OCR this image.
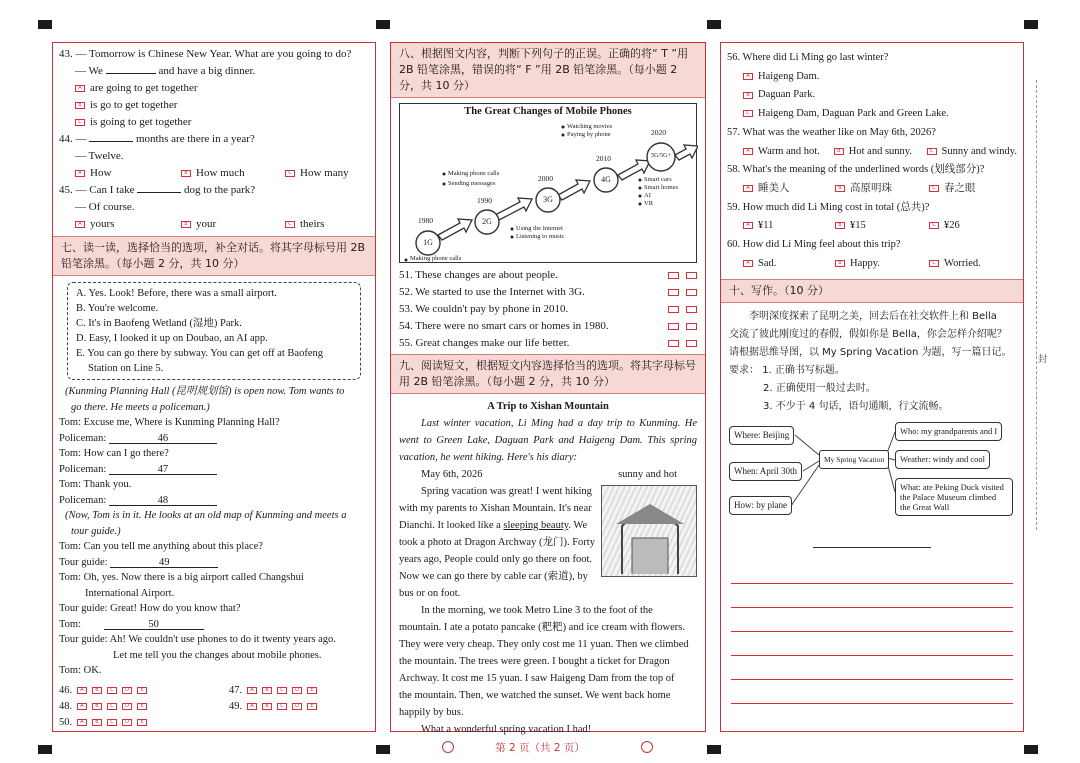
43. — Tomorrow is Chinese New Year. What are you going to do?
— We	and have a big dinner.
A are going to get together
B is go to get together
C is going to get together
44. —	months are there in a year?
— Twelve.
A How	B How much	C How many
45. — Can I take	dog to the park?
— Of course.
A yours	B your	C theirs
七、读一读，选择恰当的选项，补全对话。将其字母标号用 2B 铅笔涂黑。（每小题 2 分，共 10 分）
A. Yes. Look! Before, there was a small airport.
B. You're welcome.
C. It's in Baofeng Wetland (湿地) Park.
D. Easy, I looked it up on Doubao, an AI app.
E. You can go there by subway. You can get off at Baofeng
Station on Line 5.
(Kunming Planning Hall (昆明规划馆) is open now. Tom wants to
go there. He meets a policeman.)
Tom: Excuse me, Where is Kunming Planning Hall?
Policeman:	46
Tom: How can I go there?
Policeman:	47
Tom: Thank you.
Policeman:	48
(Now, Tom is in it. He looks at an old map of Kunming and meets a
tour guide.)
Tom: Can you tell me anything about this place?
Tour guide:	49
Tom: Oh, yes. Now there is a big airport called Changshui
International Airport.
Tour guide: Great! How do you know that?
Tom:	50
Tour guide: Ah! We couldn't use phones to do it twenty years ago.
Let me tell you the changes about mobile phones.
Tom: OK.
46. A B C D E	47. A B C D E
48. A B C D E	49. A B C D E
50. A B C D E
八、根据图文内容，判断下列句子的正误。正确的将“ T ”用 2B 铅笔涂黑，错误的将“ F ”用 2B 铅笔涂黑。（每小题 2 分，共 10 分）
The Great Changes of Mobile Phones
1980
1990
2000
2010
2020
1G
2G
3G
4G
5G/5G+
Making phone calls
Making phone calls
Sending messages
Using the Internet
Listening to music
Watching movies
Paying by phone
Smart cars
Smart homes
AI
VR
51. These changes are about people.
52. We started to use the Internet with 3G.
53. We couldn't pay by phone in 2010.
54. There were no smart cars or homes in 1980.
55. Great changes make our life better.
九、阅读短文，根据短文内容选择恰当的选项。将其字母标号用 2B 铅笔涂黑。（每小题 2 分，共 10 分）
A Trip to Xishan Mountain
Last winter vacation, Li Ming had a day trip to Kunming. He went to Green Lake, Daguan Park and Haigeng Dam. This spring vacation, he went hiking. Here's his diary:
May 6th, 2026	sunny and hot
Spring vacation was great! I went hiking
with my parents to Xishan Mountain. It's near
Dianchi. It looked like a sleeping beauty. We
took a photo at Dragon Archway (龙门). Forty
years ago, People could only go there on foot.
Now we can go there by cable car (索道), by
bus or on foot.
In the morning, we took Metro Line 3 to the foot of the
mountain. I ate a potato pancake (粑粑) and ice cream with flowers.
They were very cheap. They only cost me 11 yuan. Then we climbed
the mountain. The trees were green. I bought a ticket for Dragon
Archway. It cost me 15 yuan. I saw Haigeng Dam from the top of
the mountain. Then, we watched the sunset. We went back home
happily by bus.
What a wonderful spring vacation I had!
56. Where did Li Ming go last winter?
A Haigeng Dam.
B Daguan Park.
C Haigeng Dam, Daguan Park and Green Lake.
57. What was the weather like on May 6th, 2026?
A Warm and hot.	B Hot and sunny.	C Sunny and windy.
58. What's the meaning of the underlined words (划线部分)?
A 睡美人	B 高原明珠	C 春之眼
59. How much did Li Ming cost in total (总共)?
A ¥11	B ¥15	C ¥26
60. How did Li Ming feel about this trip?
A Sad.	B Happy.	C Worried.
十、写作。（10 分）
李明深度探索了昆明之美，回去后在社交软件上和 Bella
交流了彼此刚度过的春假，假如你是 Bella，你会怎样介绍呢？
请根据思维导图，以 My Spring Vacation 为题，写一篇日记。
要求： 1. 正确书写标题。
2. 正确使用一般过去时。
3. 不少于 4 句话，语句通顺，行文流畅。
Where: Beijing
When: April 30th
How: by plane
My Spring Vacation
Who: my grandparents and I
Weather: windy and cool
What: ate Peking Duck visited the Palace Museum climbed the Great Wall
封
第 2 页（共 2 页）
